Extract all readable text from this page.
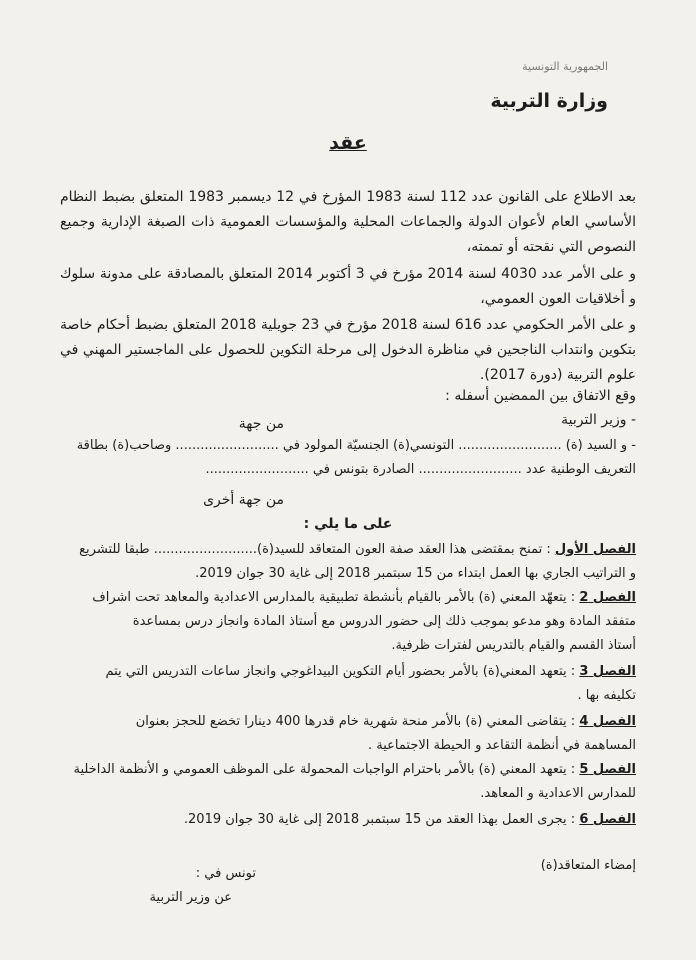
الجمهورية التونسية
وزارة التربية
عقد
بعد الاطلاع على القانون عدد 112 لسنة 1983 المؤرخ في 12 ديسمبر 1983 المتعلق بضبط النظام الأساسي العام لأعوان الدولة والجماعات المحلية والمؤسسات العمومية ذات الصبغة الإدارية وجميع النصوص التي نقحته أو تممته،
و على الأمر عدد 4030 لسنة 2014 مؤرخ في 3 أكتوبر 2014 المتعلق بالمصادقة على مدونة سلوك و أخلاقيات العون العمومي،
و على الأمر الحكومي عدد 616 لسنة 2018 مؤرخ في 23 جويلية 2018 المتعلق بضبط أحكام خاصة بتكوين وانتداب الناجحين في مناظرة الدخول إلى مرحلة التكوين للحصول على الماجستير المهني في علوم التربية (دورة 2017).
وقع الاتفاق بين الممضين أسفله :
- وزير التربية
من جهة
- و السيد (ة) ......................... التونسي(ة) الجنسيّة المولود في ......................... وصاحب(ة) بطاقة
التعريف الوطنية عدد ......................... الصادرة بتونس في .........................
من جهة أخرى
على ما يلي :
الفصل الأول : تمنح بمقتضى هذا العقد صفة العون المتعاقد للسيد(ة)......................... طبقا للتشريع
و التراتيب الجاري بها العمل ابتداء من 15 سبتمبر 2018 إلى غاية 30 جوان 2019.
الفصل 2 : يتعهّد المعني (ة) بالأمر بالقيام بأنشطة تطبيقية بالمدارس الاعدادية والمعاهد تحت اشراف
متفقد المادة وهو مدعو بموجب ذلك إلى حضور الدروس مع أستاذ المادة وانجاز درس بمساعدة
أستاذ القسم والقيام بالتدريس لفترات ظرفية.
الفصل 3 : يتعهد المعني(ة) بالأمر بحضور أيام التكوين البيداغوجي وانجاز ساعات التدريس التي يتم
تكليفه بها .
الفصل 4 : يتقاضى المعني (ة) بالأمر منحة شهرية خام قدرها 400 دينارا تخضع للحجز بعنوان
المساهمة في أنظمة التقاعد و الحيطة الاجتماعية .
الفصل 5 : يتعهد المعني (ة) بالأمر باحترام الواجبات المحمولة على الموظف العمومي و الأنظمة الداخلية
للمدارس الاعدادية و المعاهد.
الفصل 6 : يجرى العمل بهذا العقد من 15 سبتمبر 2018 إلى غاية 30 جوان 2019.
إمضاء المتعاقد(ة)
تونس في :
عن وزير التربية
